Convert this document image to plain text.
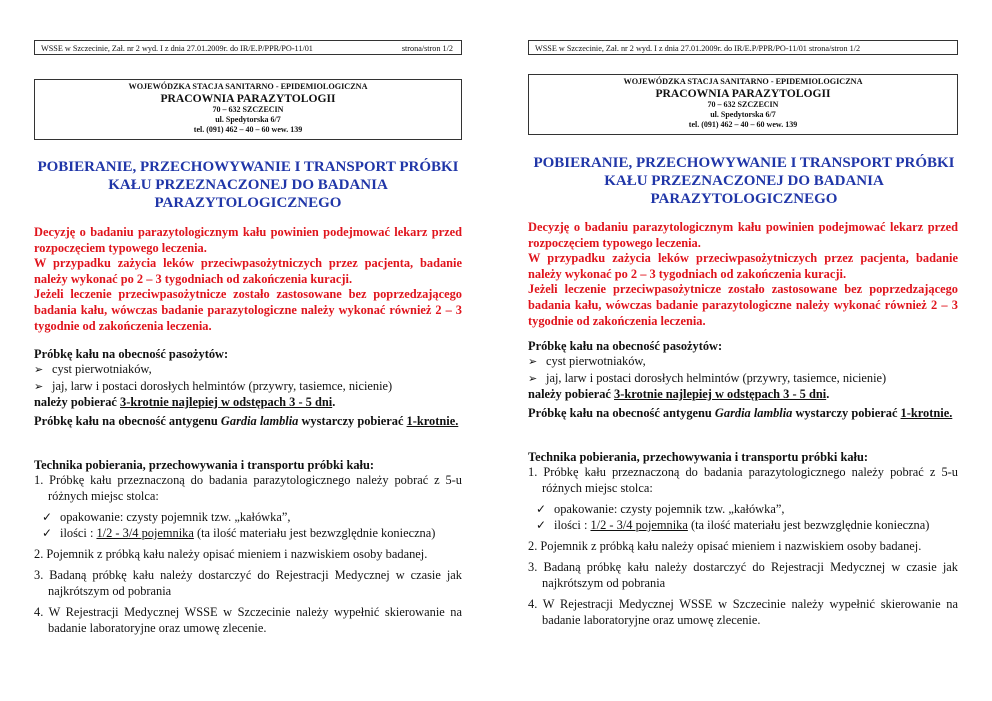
WSSE w Szczecinie, Zał. nr 2 wyd. I z dnia 27.01.2009r. do IR/E.P/PPR/PO-11/01	strona/stron 1/2
WOJEWÓDZKA STACJA SANITARNO - EPIDEMIOLOGICZNA
PRACOWNIA PARAZYTOLOGII
70 – 632 SZCZECIN
ul. Spedytorska 6/7
tel. (091) 462 – 40 – 60 wew. 139
POBIERANIE, PRZECHOWYWANIE I TRANSPORT PRÓBKI
KAŁU PRZEZNACZONEJ DO BADANIA
PARAZYTOLOGICZNEGO

Decyzję o badaniu parazytologicznym kału powinien podejmować lekarz przed rozpoczęciem typowego leczenia.

W przypadku zażycia leków przeciwpasożytniczych przez pacjenta, badanie należy wykonać po 2 – 3 tygodniach od zakończenia kuracji.

Jeżeli leczenie przeciwpasożytnicze zostało zastosowane bez poprzedzającego badania kału, wówczas badanie parazytologiczne należy wykonać również 2 – 3 tygodnie od zakończenia leczenia.

Próbkę kału na obecność pasożytów:

➢ cyst pierwotniaków,

➢ jaj, larw i postaci dorosłych helmintów (przywry, tasiemce, nicienie)

należy pobierać 3-krotnie najlepiej w odstępach 3 - 5 dni.

Próbkę kału na obecność antygenu Gardia lamblia wystarczy pobierać 1-krotnie.

Technika pobierania, przechowywania i transportu próbki kału:

1. Próbkę kału przeznaczoną do badania parazytologicznego należy pobrać z 5-u różnych miejsc stolca:

✓ opakowanie: czysty pojemnik tzw. „kałówka”,

✓ ilości : 1/2 - 3/4 pojemnika (ta ilość materiału jest bezwzględnie konieczna)

2. Pojemnik z próbką kału należy opisać mieniem i nazwiskiem osoby badanej.

3. Badaną próbkę kału należy dostarczyć do Rejestracji Medycznej w czasie jak najkrótszym od pobrania

4. W Rejestracji Medycznej WSSE w Szczecinie należy wypełnić skierowanie na badanie laboratoryjne oraz umowę zlecenie.

WSSE w Szczecinie, Zał. nr 2 wyd. I z dnia 27.01.2009r. do IR/E.P/PPR/PO-11/01 strona/stron 1/2
WOJEWÓDZKA STACJA SANITARNO - EPIDEMIOLOGICZNA
PRACOWNIA PARAZYTOLOGII
70 – 632 SZCZECIN
ul. Spedytorska 6/7
tel. (091) 462 – 40 – 60 wew. 139
POBIERANIE, PRZECHOWYWANIE I TRANSPORT PRÓBKI
KAŁU PRZEZNACZONEJ DO BADANIA
PARAZYTOLOGICZNEGO

Decyzję o badaniu parazytologicznym kału powinien podejmować lekarz przed rozpoczęciem typowego leczenia.

W przypadku zażycia leków przeciwpasożytniczych przez pacjenta, badanie należy wykonać po 2 – 3 tygodniach od zakończenia kuracji.

Jeżeli leczenie przeciwpasożytnicze zostało zastosowane bez poprzedzającego badania kału, wówczas badanie parazytologiczne należy wykonać również 2 – 3 tygodnie od zakończenia leczenia.

Próbkę kału na obecność pasożytów:

➢ cyst pierwotniaków,

➢ jaj, larw i postaci dorosłych helmintów (przywry, tasiemce, nicienie)

należy pobierać 3-krotnie najlepiej w odstępach 3 - 5 dni.

Próbkę kału na obecność antygenu Gardia lamblia wystarczy pobierać 1-krotnie.

Technika pobierania, przechowywania i transportu próbki kału:

1. Próbkę kału przeznaczoną do badania parazytologicznego należy pobrać z 5-u różnych miejsc stolca:

✓ opakowanie: czysty pojemnik tzw. „kałówka”,

✓ ilości : 1/2 - 3/4 pojemnika (ta ilość materiału jest bezwzględnie konieczna)

2. Pojemnik z próbką kału należy opisać mieniem i nazwiskiem osoby badanej.

3. Badaną próbkę kału należy dostarczyć do Rejestracji Medycznej w czasie jak najkrótszym od pobrania

4. W Rejestracji Medycznej WSSE w Szczecinie należy wypełnić skierowanie na badanie laboratoryjne oraz umowę zlecenie.
